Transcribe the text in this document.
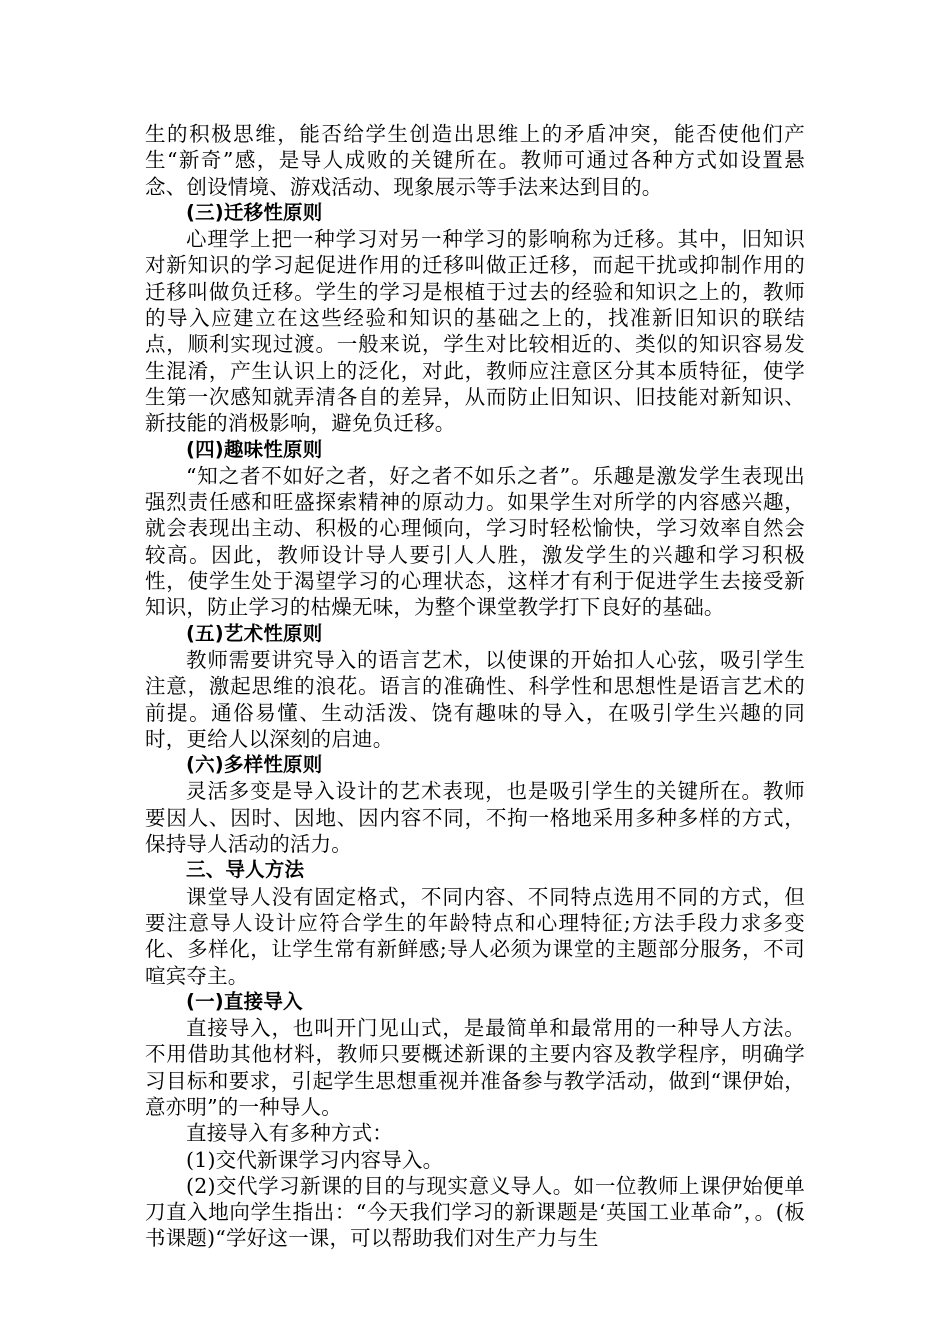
生的积极思维，能否给学生创造出思维上的矛盾冲突，能否使他们产生“新奇”感，是导人成败的关键所在。教师可通过各种方式如设置悬念、创设情境、游戏活动、现象展示等手法来达到目的。

(三)迁移性原则

心理学上把一种学习对另一种学习的影响称为迁移。其中，旧知识对新知识的学习起促进作用的迁移叫做正迁移，而起干扰或抑制作用的迁移叫做负迁移。学生的学习是根植于过去的经验和知识之上的，教师的导入应建立在这些经验和知识的基础之上的，找准新旧知识的联结点，顺利实现过渡。一般来说，学生对比较相近的、类似的知识容易发生混淆，产生认识上的泛化，对此，教师应注意区分其本质特征，使学生第一次感知就弄清各自的差异，从而防止旧知识、旧技能对新知识、新技能的消极影响，避免负迁移。

(四)趣味性原则

“知之者不如好之者，好之者不如乐之者”。乐趣是激发学生表现出强烈责任感和旺盛探索精神的原动力。如果学生对所学的内容感兴趣，就会表现出主动、积极的心理倾向，学习时轻松愉快，学习效率自然会较高。因此，教师设计导人要引人人胜，激发学生的兴趣和学习积极性，使学生处于渴望学习的心理状态，这样才有利于促进学生去接受新知识，防止学习的枯燥无味，为整个课堂教学打下良好的基础。

(五)艺术性原则

教师需要讲究导入的语言艺术，以使课的开始扣人心弦，吸引学生注意，激起思维的浪花。语言的准确性、科学性和思想性是语言艺术的前提。通俗易懂、生动活泼、饶有趣味的导入，在吸引学生兴趣的同时，更给人以深刻的启迪。

(六)多样性原则

灵活多变是导入设计的艺术表现，也是吸引学生的关键所在。教师要因人、因时、因地、因内容不同，不拘一格地采用多种多样的方式，保持导人活动的活力。

三、导人方法

课堂导人没有固定格式，不同内容、不同特点选用不同的方式，但要注意导人设计应符合学生的年龄特点和心理特征;方法手段力求多变化、多样化，让学生常有新鲜感;导人必须为课堂的主题部分服务，不司喧宾夺主。

(一)直接导入

直接导入，也叫开门见山式，是最简单和最常用的一种导人方法。不用借助其他材料，教师只要概述新课的主要内容及教学程序，明确学习目标和要求，引起学生思想重视并准备参与教学活动，做到“课伊始，意亦明”的一种导人。

直接导入有多种方式：

(1)交代新课学习内容导入。

(2)交代学习新课的目的与现实意义导人。如一位教师上课伊始便单刀直入地向学生指出：“今天我们学习的新课题是‘英国工业革命”，。(板书课题)“学好这一课，可以帮助我们对生产力与生
